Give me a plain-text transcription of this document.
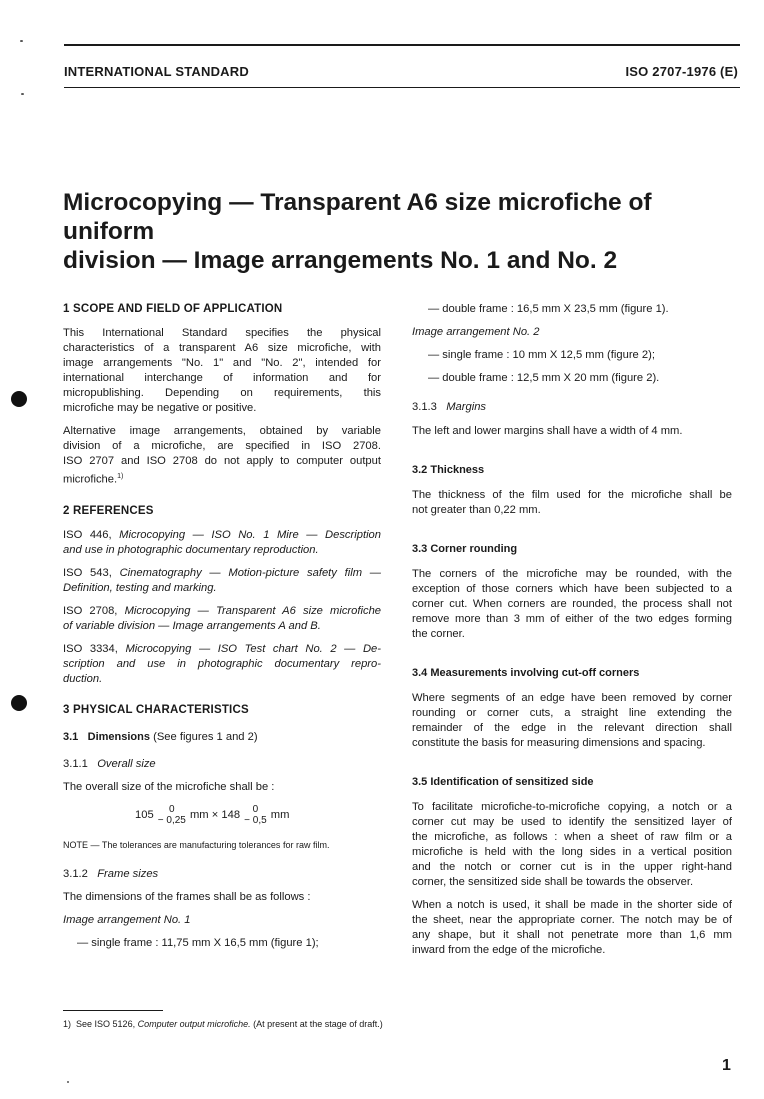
INTERNATIONAL STANDARD	ISO 2707-1976 (E)
Microcopying — Transparent A6 size microfiche of uniform
division — Image arrangements No. 1 and No. 2

1 SCOPE AND FIELD OF APPLICATION

This International Standard specifies the physical

characteristics of a transparent A6 size microfiche, with

image arrangements "No. 1" and "No. 2", intended for

international interchange of information and for

micropublishing. Depending on requirements, this

microfiche may be negative or positive.

Alternative image arrangements, obtained by variable

division of a microfiche, are specified in ISO 2708.

ISO 2707 and ISO 2708 do not apply to computer output

microfiche.$^{1)}$

2 REFERENCES

ISO 446, Microcopying — ISO No. 1 Mire — Description

and use in photographic documentary reproduction.

ISO 543, Cinematography — Motion-picture safety film —

Definition, testing and marking.

ISO 2708, Microcopying — Transparent A6 size microfiche

of variable division — Image arrangements A and B.

ISO 3334, Microcopying — ISO Test chart No. 2 — De-

scription and use in photographic documentary repro-

duction.

3 PHYSICAL CHARACTERISTICS

3.1 Dimensions (See figures 1 and 2)

3.1.1 Overall size

The overall size of the microfiche shall be :

105	0
− 0,25 mm × 148	0
− 0,5 mm

NOTE — The tolerances are manufacturing tolerances for raw film.

3.1.2 Frame sizes

The dimensions of the frames shall be as follows :

Image arrangement No. 1

— single frame : 11,75 mm X 16,5 mm (figure 1);

— double frame : 16,5 mm X 23,5 mm (figure 1).

Image arrangement No. 2

— single frame : 10 mm X 12,5 mm (figure 2);

— double frame : 12,5 mm X 20 mm (figure 2).

3.1.3 Margins

The left and lower margins shall have a width of 4 mm.

3.2 Thickness

The thickness of the film used for the microfiche shall be

not greater than 0,22 mm.

3.3 Corner rounding

The corners of the microfiche may be rounded, with the

exception of those corners which have been subjected to a

corner cut. When corners are rounded, the process shall not

remove more than 3 mm of either of the two edges forming

the corner.

3.4 Measurements involving cut-off corners

Where segments of an edge have been removed by corner

rounding or corner cuts, a straight line extending the

remainder of the edge in the relevant direction shall

constitute the basis for measuring dimensions and spacing.

3.5 Identification of sensitized side

To facilitate microfiche-to-microfiche copying, a notch or a

corner cut may be used to identify the sensitized layer of

the microfiche, as follows : when a sheet of raw film or a

microfiche is held with the long sides in a vertical position

and the notch or corner cut is in the upper right-hand

corner, the sensitized side shall be towards the observer.

When a notch is used, it shall be made in the shorter side of

the sheet, near the appropriate corner. The notch may be of

any shape, but it shall not penetrate more than 1,6 mm

inward from the edge of the microfiche.

1) See ISO 5126, Computer output microfiche. (At present at the stage of draft.)
1
